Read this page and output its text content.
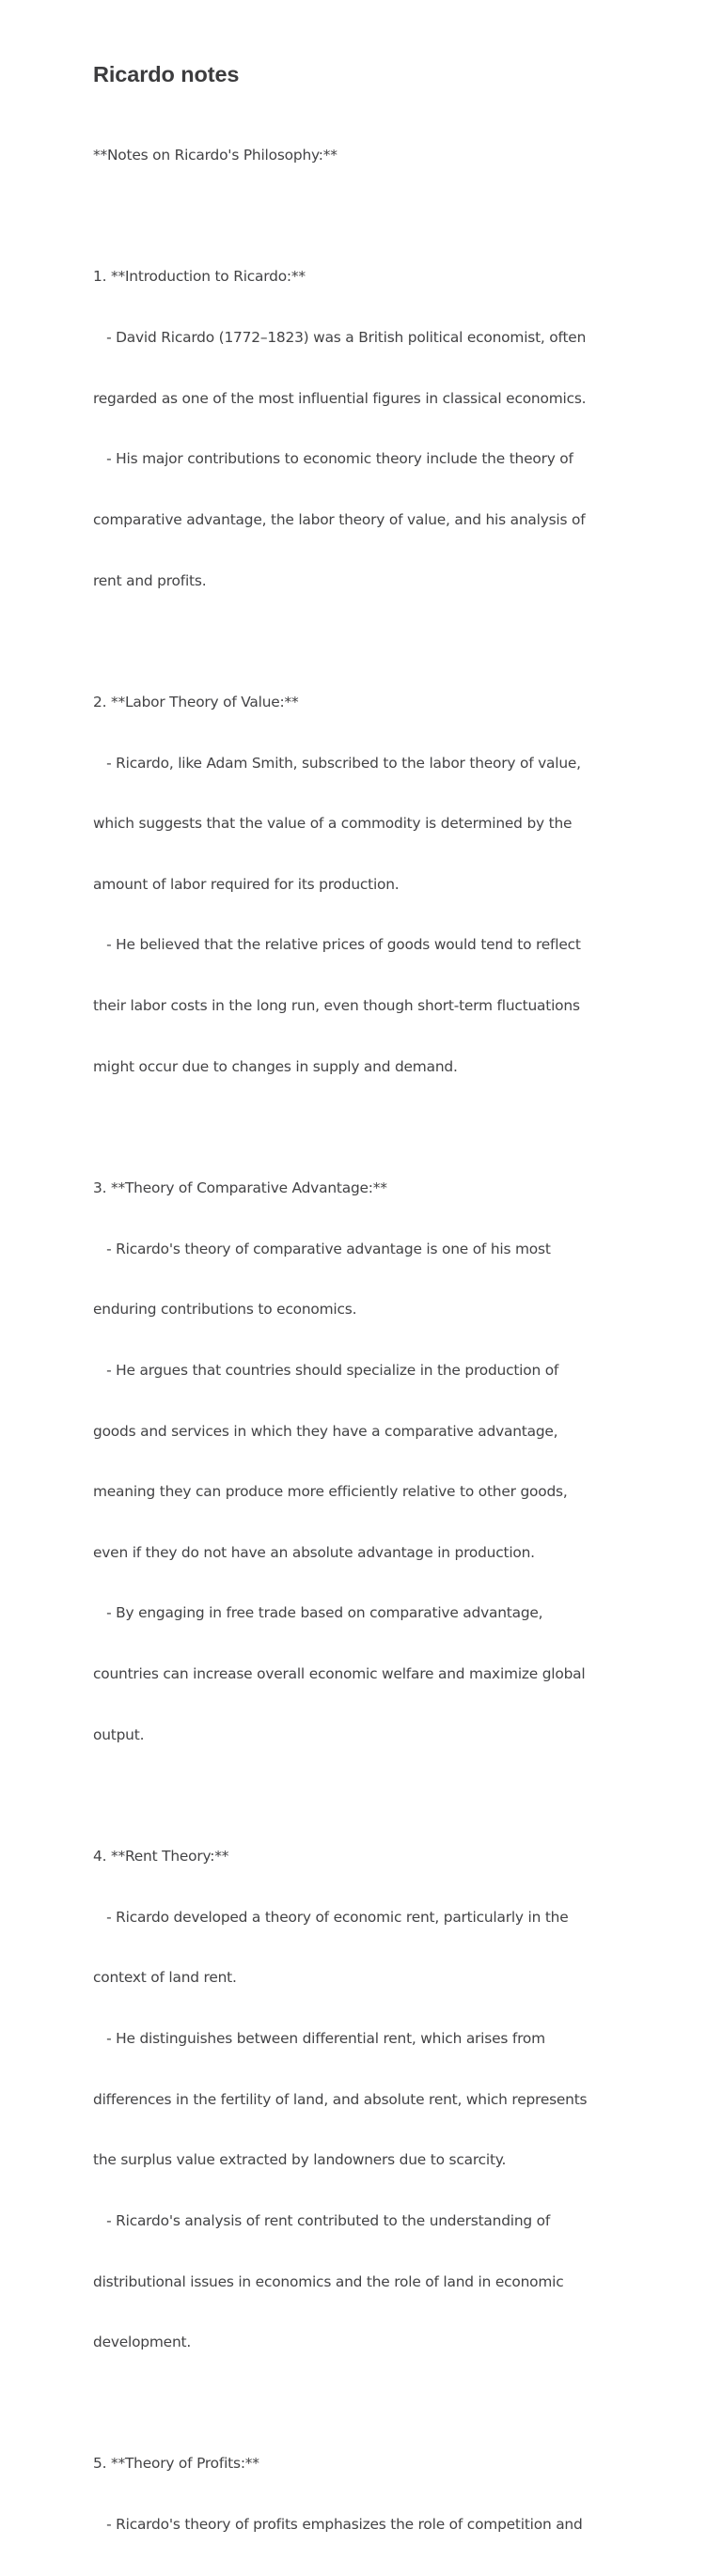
Ricardo notes

**Notes on Ricardo's Philosophy:**

1. **Introduction to Ricardo:**

- David Ricardo (1772–1823) was a British political economist, often

regarded as one of the most influential figures in classical economics.

- His major contributions to economic theory include the theory of

comparative advantage, the labor theory of value, and his analysis of

rent and profits.

2. **Labor Theory of Value:**

- Ricardo, like Adam Smith, subscribed to the labor theory of value,

which suggests that the value of a commodity is determined by the

amount of labor required for its production.

- He believed that the relative prices of goods would tend to reflect

their labor costs in the long run, even though short-term fluctuations

might occur due to changes in supply and demand.

3. **Theory of Comparative Advantage:**

- Ricardo's theory of comparative advantage is one of his most

enduring contributions to economics.

- He argues that countries should specialize in the production of

goods and services in which they have a comparative advantage,

meaning they can produce more efficiently relative to other goods,

even if they do not have an absolute advantage in production.

- By engaging in free trade based on comparative advantage,

countries can increase overall economic welfare and maximize global

output.

4. **Rent Theory:**

- Ricardo developed a theory of economic rent, particularly in the

context of land rent.

- He distinguishes between differential rent, which arises from

differences in the fertility of land, and absolute rent, which represents

the surplus value extracted by landowners due to scarcity.

- Ricardo's analysis of rent contributed to the understanding of

distributional issues in economics and the role of land in economic

development.

5. **Theory of Profits:**

- Ricardo's theory of profits emphasizes the role of competition and
